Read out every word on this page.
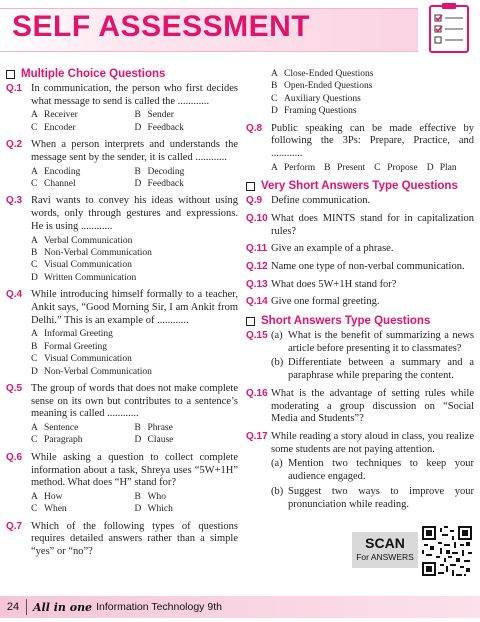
SELF ASSESSMENT
Multiple Choice Questions
Q.1 In communication, the person who first decides what message to send is called the ............
A Receiver	B Sender
C Encoder	D Feedback
Q.2 When a person interprets and understands the message sent by the sender, it is called ............
A Encoding	B Decoding
C Channel	D Feedback
Q.3 Ravi wants to convey his ideas without using words, only through gestures and expressions. He is using ............
A Verbal Communication
B Non-Verbal Communication
C Visual Communication
D Written Communication
Q.4 While introducing himself formally to a teacher, Ankit says, “Good Morning Sir, I am Ankit from Delhi.” This is an example of ............
A Informal Greeting
B Formal Greeting
C Visual Communication
D Non-Verbal Communication
Q.5 The group of words that does not make complete sense on its own but contributes to a sentence’s meaning is called ............
A Sentence	B Phrase
C Paragraph	D Clause
Q.6 While asking a question to collect complete information about a task, Shreya uses “5W+1H” method. What does “H” stand for?
A How	B Who
C When	D Which
Q.7 Which of the following types of questions requires detailed answers rather than a simple “yes” or “no”?
A Close-Ended Questions
B Open-Ended Questions
C Auxiliary Questions
D Framing Questions
Q.8 Public speaking can be made effective by following the 3Ps: Prepare, Practice, and ............
A Perform B Present C Propose D Plan
Very Short Answers Type Questions
Q.9 Define communication.
Q.10 What does MINTS stand for in capitalization rules?
Q.11 Give an example of a phrase.
Q.12 Name one type of non-verbal communication.
Q.13 What does 5W+1H stand for?
Q.14 Give one formal greeting.
Short Answers Type Questions
Q.15 (a) What is the benefit of summarizing a news article before presenting it to classmates?
(b) Differentiate between a summary and a paraphrase while preparing the content.
Q.16 What is the advantage of setting rules while moderating a group discussion on “Social Media and Students”?
Q.17 While reading a story aloud in class, you realize some students are not paying attention.
(a) Mention two techniques to keep your audience engaged.
(b) Suggest two ways to improve your pronunciation while reading.
SCAN
For ANSWERS
24	All in one Information Technology 9th
